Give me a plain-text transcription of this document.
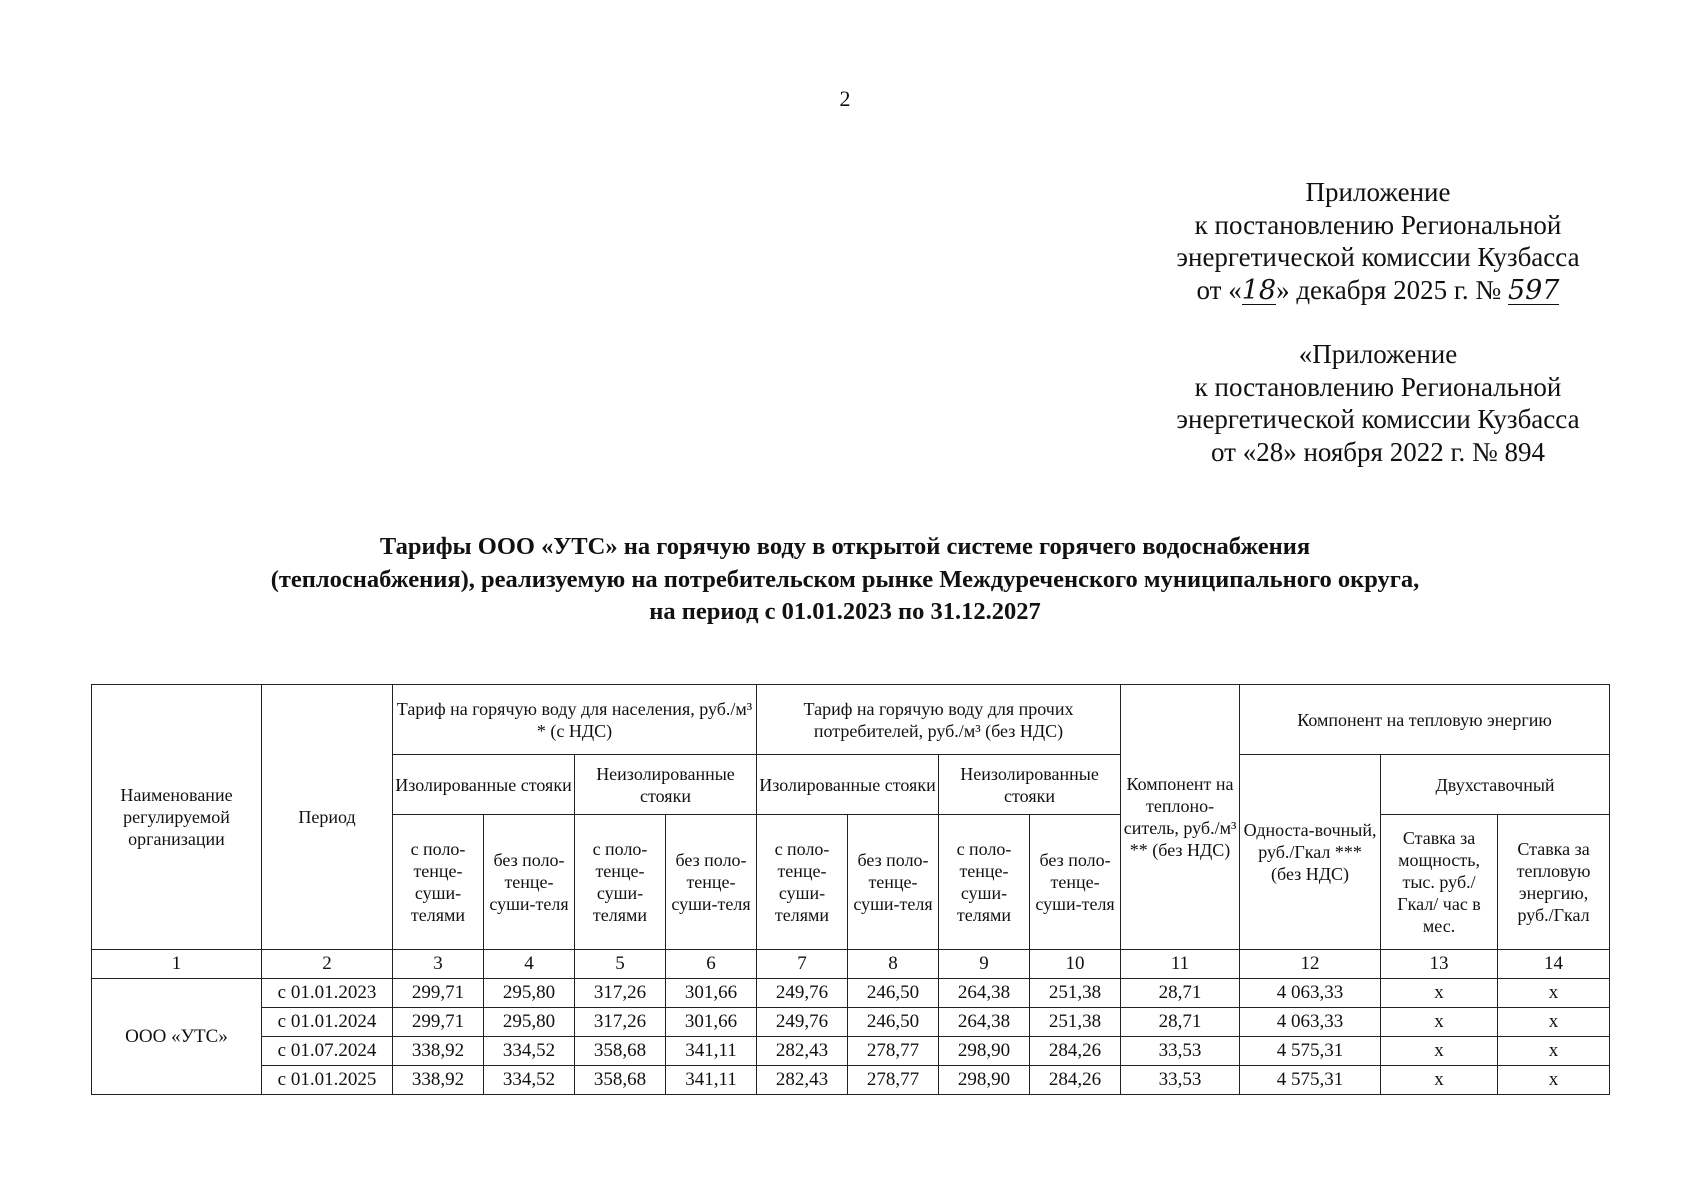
2
Приложение
к постановлению Региональной
энергетической комиссии Кузбасса
от «18» декабря 2025 г. № 597
«Приложение
к постановлению Региональной
энергетической комиссии Кузбасса
от «28» ноября 2022 г. № 894
Тарифы ООО «УТС» на горячую воду в открытой системе горячего водоснабжения
(теплоснабжения), реализуемую на потребительском рынке Междуреченского муниципального округа,
на период с 01.01.2023 по 31.12.2027
Наименование регулируемой организации	Период	Тариф на горячую воду для населения, руб./м³ * (с НДС)				Тариф на горячую воду для прочих потребителей, руб./м³ (без НДС)				Компонент на теплоно-ситель, руб./м³ ** (без НДС)	Компонент на тепловую энергию		
		Изолированные стояки		Неизолированные стояки		Изолированные стояки		Неизолированные стояки			Односта-вочный, руб./Гкал *** (без НДС)	Двухставочный	
		с поло-тенце-суши-телями	без поло-тенце-суши-теля	с поло-тенце-суши-телями	без поло-тенце-суши-теля	с поло-тенце-суши-телями	без поло-тенце-суши-теля	с поло-тенце-суши-телями	без поло-тенце-суши-теля			Ставка за мощность, тыс. руб./Гкал/ час в мес.	Ставка за тепловую энергию, руб./Гкал
1	2	3	4	5	6	7	8	9	10	11	12	13	14
ООО «УТС»	с 01.01.2023	299,71	295,80	317,26	301,66	249,76	246,50	264,38	251,38	28,71	4 063,33	x	x
	с 01.01.2024	299,71	295,80	317,26	301,66	249,76	246,50	264,38	251,38	28,71	4 063,33	x	x
	с 01.07.2024	338,92	334,52	358,68	341,11	282,43	278,77	298,90	284,26	33,53	4 575,31	x	x
	с 01.01.2025	338,92	334,52	358,68	341,11	282,43	278,77	298,90	284,26	33,53	4 575,31	x	x
